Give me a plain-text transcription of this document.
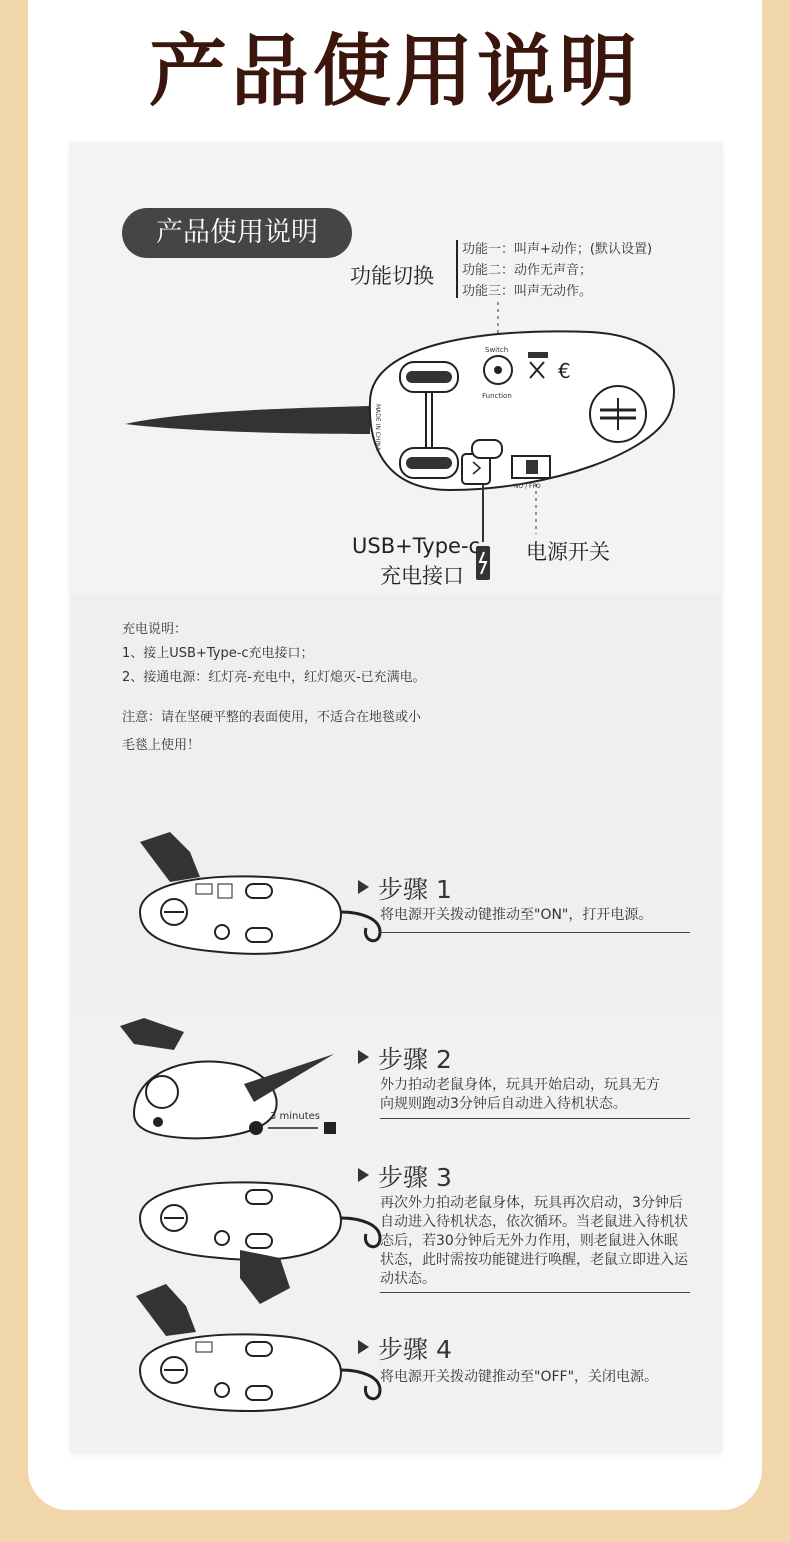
产品使用说明
产品使用说明
功能切换
功能一：叫声+动作；(默认设置)
功能二：动作无声音；
功能三：叫声无动作。
MADE IN CHINA
Switch
Function
€
NO / FFO
USB+Type-c
充电接口
电源开关
充电说明：
1、接上USB+Type-c充电接口；
2、接通电源：红灯亮-充电中，红灯熄灭-已充满电。
注意：请在坚硬平整的表面使用，不适合在地毯或小
毛毯上使用！
步骤 1
将电源开关拨动键推动至"ON"，打开电源。
3 minutes
步骤 2
外力拍动老鼠身体，玩具开始启动，玩具无方向规则跑动3分钟后自动进入待机状态。
步骤 3
再次外力拍动老鼠身体，玩具再次启动，3分钟后自动进入待机状态，依次循环。当老鼠进入待机状态后，若30分钟后无外力作用，则老鼠进入休眠状态，此时需按功能键进行唤醒，老鼠立即进入运动状态。
步骤 4
将电源开关拨动键推动至"OFF"，关闭电源。
